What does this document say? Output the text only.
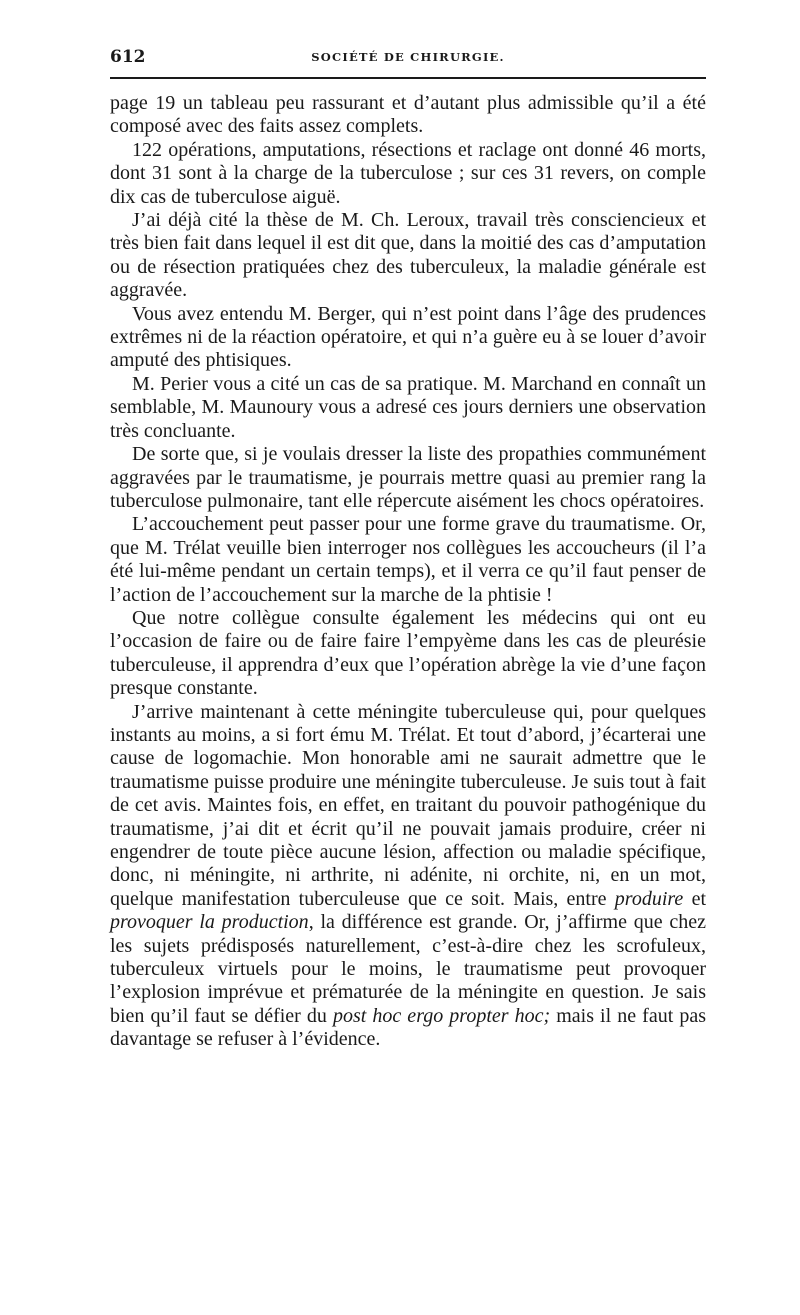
612	SOCIÉTÉ DE CHIRURGIE.

page 19 un tableau peu rassurant et d’autant plus admissible qu’il a été composé avec des faits assez complets.

122 opérations, amputations, résections et raclage ont donné 46 morts, dont 31 sont à la charge de la tuberculose ; sur ces 31 revers, on comple dix cas de tuberculose aiguë.

J’ai déjà cité la thèse de M. Ch. Leroux, travail très consciencieux et très bien fait dans lequel il est dit que, dans la moitié des cas d’amputation ou de résection pratiquées chez des tuberculeux, la maladie générale est aggravée.

Vous avez entendu M. Berger, qui n’est point dans l’âge des prudences extrêmes ni de la réaction opératoire, et qui n’a guère eu à se louer d’avoir amputé des phtisiques.

M. Perier vous a cité un cas de sa pratique. M. Marchand en connaît un semblable, M. Maunoury vous a adresé ces jours derniers une observation très concluante.

De sorte que, si je voulais dresser la liste des propathies communément aggravées par le traumatisme, je pourrais mettre quasi au premier rang la tuberculose pulmonaire, tant elle répercute aisément les chocs opératoires.

L’accouchement peut passer pour une forme grave du traumatisme. Or, que M. Trélat veuille bien interroger nos collègues les accoucheurs (il l’a été lui-même pendant un certain temps), et il verra ce qu’il faut penser de l’action de l’accouchement sur la marche de la phtisie !

Que notre collègue consulte également les médecins qui ont eu l’occasion de faire ou de faire faire l’empyème dans les cas de pleurésie tuberculeuse, il apprendra d’eux que l’opération abrège la vie d’une façon presque constante.

J’arrive maintenant à cette méningite tuberculeuse qui, pour quelques instants au moins, a si fort ému M. Trélat. Et tout d’abord, j’écarterai une cause de logomachie. Mon honorable ami ne saurait admettre que le traumatisme puisse produire une méningite tuberculeuse. Je suis tout à fait de cet avis. Maintes fois, en effet, en traitant du pouvoir pathogénique du traumatisme, j’ai dit et écrit qu’il ne pouvait jamais produire, créer ni engendrer de toute pièce aucune lésion, affection ou maladie spécifique, donc, ni méningite, ni arthrite, ni adénite, ni orchite, ni, en un mot, quelque manifestation tuberculeuse que ce soit. Mais, entre produire et provoquer la production, la différence est grande. Or, j’affirme que chez les sujets prédisposés naturellement, c’est-à-dire chez les scrofuleux, tuberculeux virtuels pour le moins, le traumatisme peut provoquer l’explosion imprévue et prématurée de la méningite en question. Je sais bien qu’il faut se défier du post hoc ergo propter hoc; mais il ne faut pas davantage se refuser à l’évidence.
